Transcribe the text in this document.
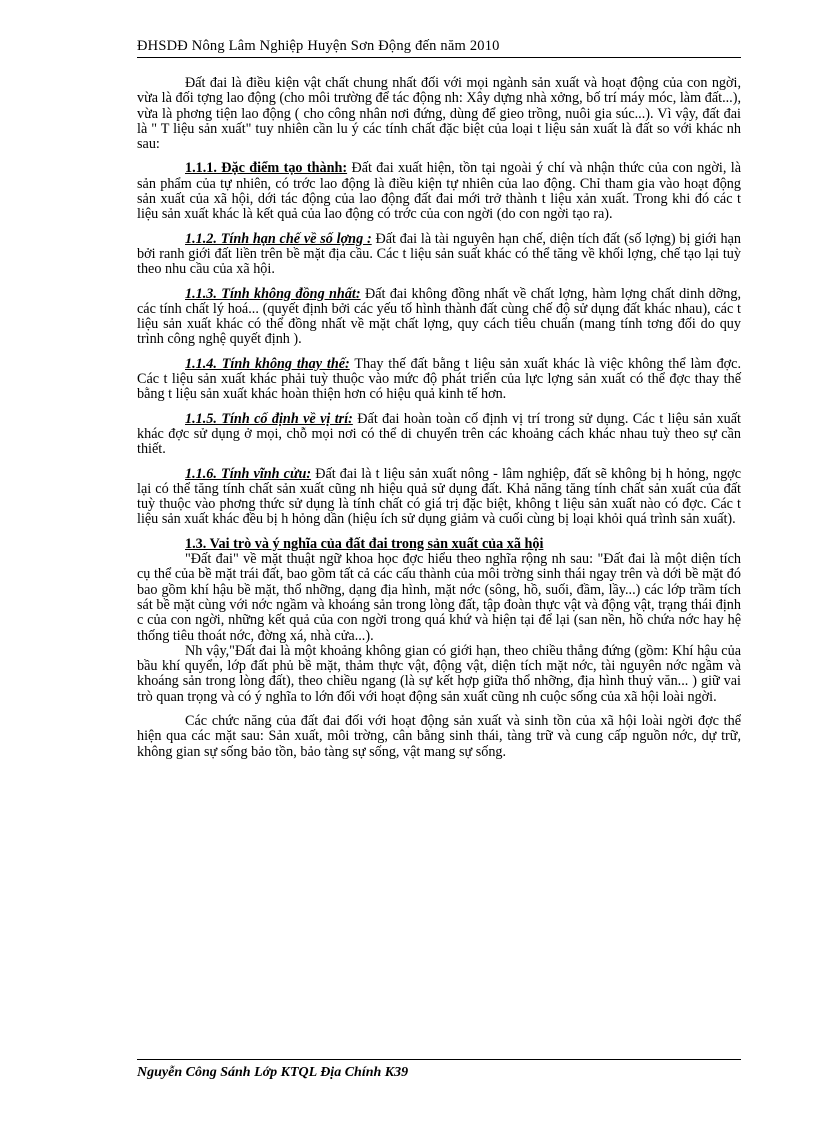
ĐHSDĐ Nông Lâm Nghiệp Huyện Sơn Động đến năm 2010

Đất đai là điều kiện vật chất chung nhất đối với mọi ngành sản xuất và hoạt động của con ngời, vừa là đối tợng lao động (cho môi trường để tác động nh: Xây dựng nhà xởng, bố trí máy móc, làm đất...), vừa là phơng tiện lao động ( cho công nhân nơi đứng, dùng để gieo trồng, nuôi gia súc...). Vì vậy, đất đai là " T liệu sản xuất" tuy nhiên cần lu ý các tính chất đặc biệt của loại t liệu sản xuất là đất so với khác nh sau:

1.1.1. Đặc điểm tạo thành: Đất đai xuất hiện, tồn tại ngoài ý chí và nhận thức của con ngời, là sản phẩm của tự nhiên, có trớc lao động là điều kiện tự nhiên của lao động. Chỉ tham gia vào hoạt động sản xuất của xã hội, dới tác động của lao động đất đai mới trở thành t liệu xản xuất. Trong khi đó các t liệu sản xuất khác là kết quả của lao động có trớc của con ngời (do con ngời tạo ra).

1.1.2. Tính hạn chế về số lợng : Đất đai là tài nguyên hạn chế, diện tích đất (số lợng) bị giới hạn bởi ranh giới đất liền trên bề mặt địa cầu. Các t liệu sản suất khác có thể tăng về khối lợng, chế tạo lại tuỳ theo nhu cầu của xã hội.

1.1.3. Tính không đồng nhất: Đất đai không đồng nhất về chất lợng, hàm lợng chất dinh dỡng, các tính chất lý hoá... (quyết định bởi các yếu tố hình thành đất cùng chế độ sử dụng đất khác nhau), các t liệu sản xuất khác có thể đồng nhất về mặt chất lợng, quy cách tiêu chuẩn (mang tính tơng đối do quy trình công nghệ quyết định ).

1.1.4. Tính không thay thế: Thay thế đất bằng t liệu sản xuất khác là việc không thể làm đợc. Các t liệu sản xuất khác phải tuỳ thuộc vào mức độ phát triển của lực lợng sản xuất có thể đợc thay thế bằng t liệu sản xuất khác hoàn thiện hơn có hiệu quả kinh tế hơn.

1.1.5. Tính cố định về vị trí: Đất đai hoàn toàn cố định vị trí trong sử dụng. Các t liệu sản xuất khác đợc sử dụng ở mọi, chỗ mọi nơi có thể di chuyển trên các khoảng cách khác nhau tuỳ theo sự cần thiết.

1.1.6. Tính vĩnh cửu: Đất đai là t liệu sản xuất nông - lâm nghiệp, đất sẽ không bị h hỏng, ngợc lại có thể tăng tính chất sản xuất cũng nh hiệu quả sử dụng đất. Khả năng tăng tính chất sản xuất của đất tuỳ thuộc vào phơng thức sử dụng là tính chất có giá trị đặc biệt, không t liệu sản xuất nào có đợc. Các t liệu sản xuất khác đều bị h hỏng dần (hiệu ích sử dụng giảm và cuối cùng bị loại khỏi quá trình sản xuất).

1.3. Vai trò và ý nghĩa của đất đai trong sản xuất của xã hội

"Đất đai" về mặt thuật ngữ khoa học đợc hiểu theo nghĩa rộng nh sau: "Đất đai là một diện tích cụ thể của bề mặt trái đất, bao gồm tất cả các cấu thành của môi trờng sinh thái ngay trên và dới bề mặt đó bao gồm khí hậu bề mặt, thổ nhỡng, dạng địa hình, mặt nớc (sông, hồ, suối, đầm, lầy...) các lớp trầm tích sát bề mặt cùng với nớc ngầm và khoáng sản trong lòng đất, tập đoàn thực vật và động vật, trạng thái định c của con ngời, những kết quả của con ngời trong quá khứ và hiện tại để lại (san nền, hồ chứa nớc hay hệ thống tiêu thoát nớc, đờng xá, nhà cửa...).

Nh vậy,"Đất đai là một khoảng không gian có giới hạn, theo chiều thẳng đứng (gồm: Khí hậu của bầu khí quyển, lớp đất phủ bề mặt, thảm thực vật, động vật, diện tích mặt nớc, tài nguyên nớc ngầm và khoáng sản trong lòng đất), theo chiều ngang (là sự kết hợp giữa thổ nhỡng, địa hình thuỷ văn... ) giữ vai trò quan trọng và có ý nghĩa to lớn đối với hoạt động sản xuất cũng nh cuộc sống của xã hội loài ngời.

Các chức năng của đất đai đối với hoạt động sản xuất và sinh tồn của xã hội loài ngời đợc thể hiện qua các mặt sau: Sản xuất, môi trờng, cân bằng sinh thái, tàng trữ và cung cấp nguồn nớc, dự trữ, không gian sự sống bảo tồn, bảo tàng sự sống, vật mang sự sống.

Nguyễn Công Sánh Lớp KTQL Địa Chính K39
